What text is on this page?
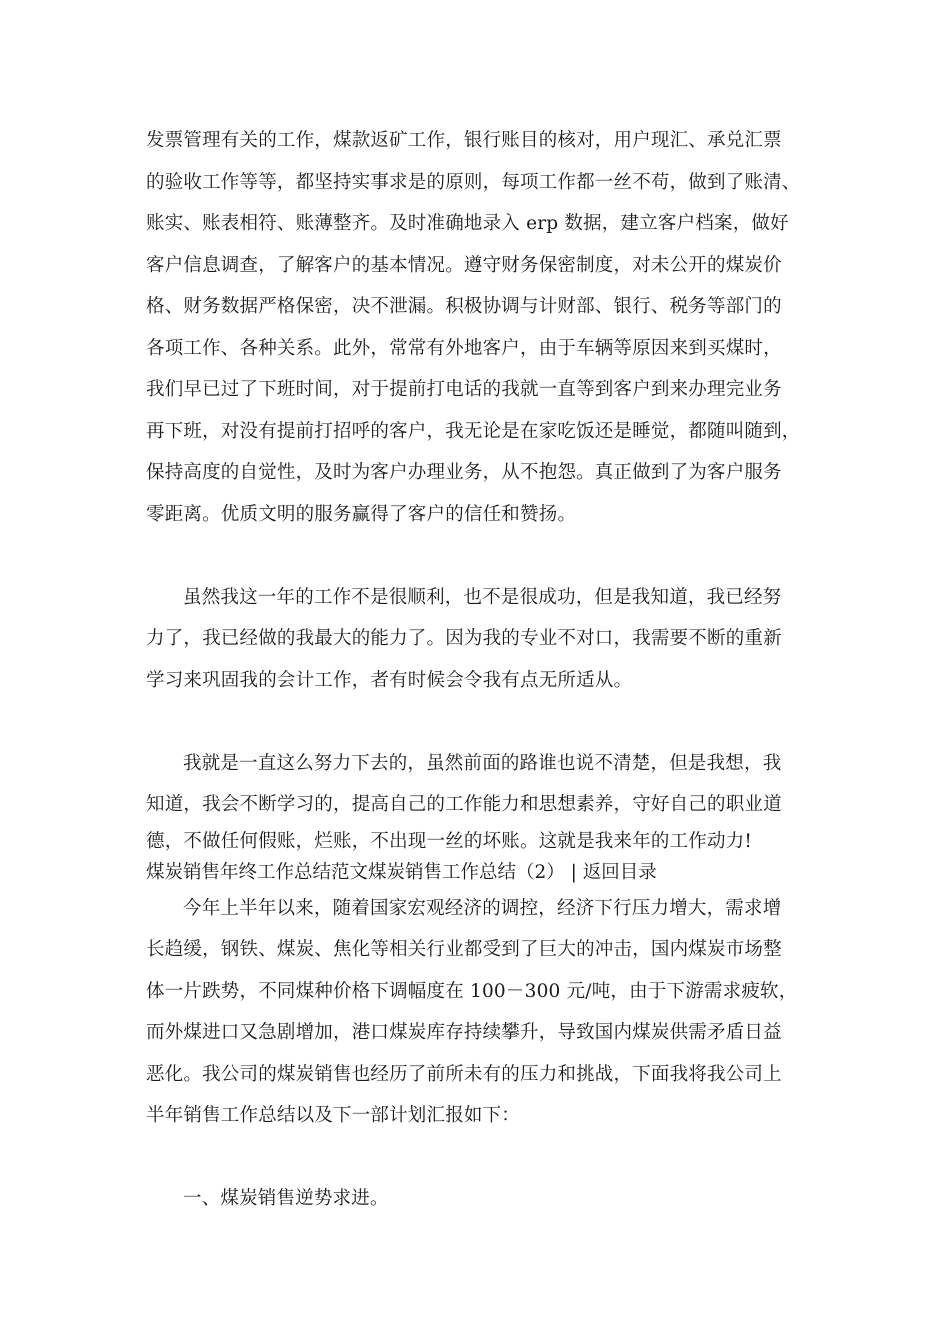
发票管理有关的工作，煤款返矿工作，银行账目的核对，用户现汇、承兑汇票
的验收工作等等，都坚持实事求是的原则，每项工作都一丝不苟，做到了账清、
账实、账表相符、账薄整齐。及时准确地录入 erp 数据，建立客户档案，做好
客户信息调查，了解客户的基本情况。遵守财务保密制度，对未公开的煤炭价
格、财务数据严格保密，决不泄漏。积极协调与计财部、银行、税务等部门的
各项工作、各种关系。此外，常常有外地客户，由于车辆等原因来到买煤时，
我们早已过了下班时间，对于提前打电话的我就一直等到客户到来办理完业务
再下班，对没有提前打招呼的客户，我无论是在家吃饭还是睡觉，都随叫随到，
保持高度的自觉性，及时为客户办理业务，从不抱怨。真正做到了为客户服务
零距离。优质文明的服务赢得了客户的信任和赞扬。
虽然我这一年的工作不是很顺利，也不是很成功，但是我知道，我已经努
力了，我已经做的我最大的能力了。因为我的专业不对口，我需要不断的重新
学习来巩固我的会计工作，者有时候会令我有点无所适从。
我就是一直这么努力下去的，虽然前面的路谁也说不清楚，但是我想，我
知道，我会不断学习的，提高自己的工作能力和思想素养，守好自己的职业道
德，不做任何假账，烂账，不出现一丝的坏账。这就是我来年的工作动力!
煤炭销售年终工作总结范文煤炭销售工作总结（2） | 返回目录
今年上半年以来，随着国家宏观经济的调控，经济下行压力增大，需求增
长趋缓，钢铁、煤炭、焦化等相关行业都受到了巨大的冲击，国内煤炭市场整
体一片跌势，不同煤种价格下调幅度在 100－300 元/吨，由于下游需求疲软，
而外煤进口又急剧增加，港口煤炭库存持续攀升，导致国内煤炭供需矛盾日益
恶化。我公司的煤炭销售也经历了前所未有的压力和挑战，下面我将我公司上
半年销售工作总结以及下一部计划汇报如下：
一、煤炭销售逆势求进。
